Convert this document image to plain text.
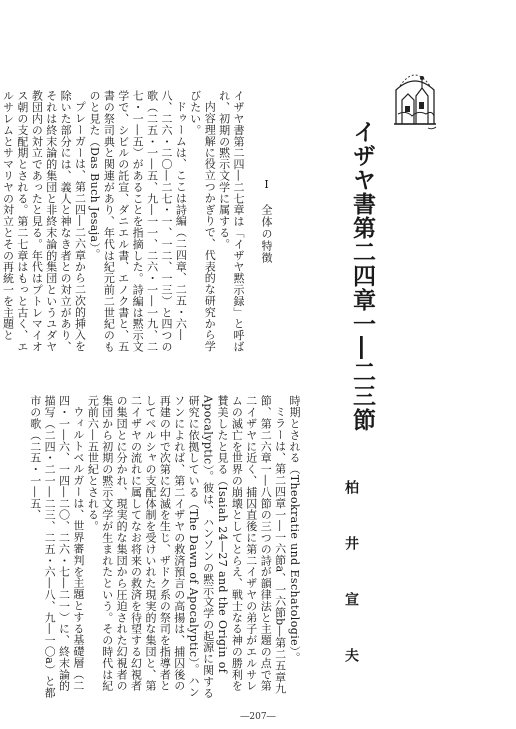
イザヤ書第二四章一―二三節
Ⅰ　全体の特徴
柏　井　宣　夫

イザヤ書第二四―二七章は「イザヤ黙示録」と呼ばれ、初期の黙示文学に属する。

内容理解に役立つかぎりで、代表的な研究から学びたい。

ドゥームは、ここは詩編（二四章、二五・六―八、二六・二〇―二七・一、一二、一三）と四つの歌（二五・一―五、九―一一、二六・一―一九、二七・一―五）があることを指摘した。詩編は黙示文学で、シビルの託宣、ダニエル書、エノク書と、五書の祭司典と関連があり、年代は紀元前二世紀のものと見た（Das Buch Jesaja）。

プレーガーは、第二四―二六章から二次的挿入を除いた部分には、義人と神なき者との対立があり、それは終末論的集団と非終末論的集団というユダヤ教団内の対立であったと見る。年代はプトレマイオス朝の支配期とされる。第二七章はもっと古く、エルサレムとサマリヤの対立とその再統一を主題と

時期とされる（Theokratie und Eschatologie）。

ミラーは、第二四章一―一六節a、一六節b―第二五章九節、第二六章一―八節の三つの詩が韻律法と主題の点で第二イザヤに近く、捕囚直後に第二イザヤの弟子がエルサレムの滅亡を世界の崩壊としてとらえ、戦士なる神の勝利を賛美したと見る（Isaiah 24―27 and the Origin of Apocalyptic）。彼は、ハンソンの黙示文学の起源に関する研究に依拠している（The Dawn of Apocalyptic）。ハンソンによれば、第二イザヤの救済預言の高揚は、捕囚後の再建の中で次第に幻滅を生じ、ザドク系の祭司を指導者としてペルシャの支配体制を受けいれた現実的な集団と、第二イザヤの流れに属してなお将来の救済を待望する幻視者の集団とに分かれ、現実的な集団から圧迫された幻視者の集団から初期の黙示文学が生まれたという。その時代は紀元前六―五世紀とされる。

ウィルトベルガーは、世界審判を主題とする基礎層（二四・一―六、一四―二〇、二六・七―二一）に、終末論的描写（二四・二一―二三、二五・六―八、九―一〇a）と都市の歌（二五・一―五、

―207―
